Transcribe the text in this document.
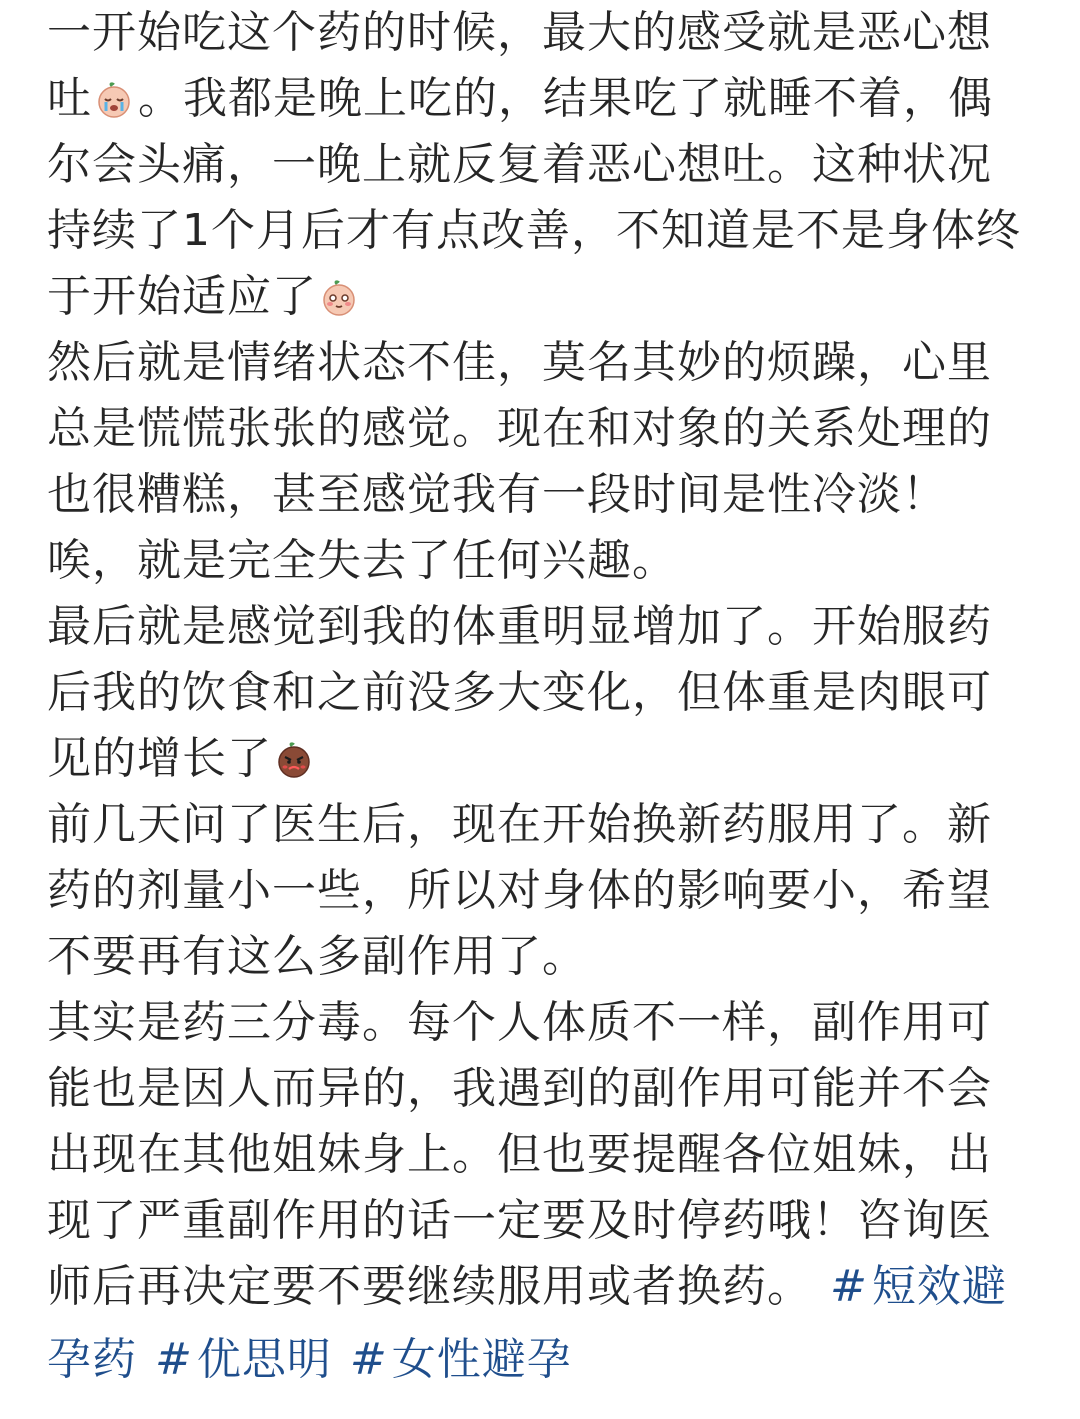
一开始吃这个药的时候，最大的感受就是恶心想
吐 。我都是晚上吃的，结果吃了就睡不着，偶
尔会头痛，一晚上就反复着恶心想吐。这种状况
持续了1个月后才有点改善，不知道是不是身体终
于开始适应了
然后就是情绪状态不佳，莫名其妙的烦躁，心里
总是慌慌张张的感觉。现在和对象的关系处理的
也很糟糕，甚至感觉我有一段时间是性冷淡！
唉，就是完全失去了任何兴趣。
最后就是感觉到我的体重明显增加了。开始服药
后我的饮食和之前没多大变化，但体重是肉眼可
见的增长了
前几天问了医生后，现在开始换新药服用了。新
药的剂量小一些，所以对身体的影响要小，希望
不要再有这么多副作用了。
其实是药三分毒。每个人体质不一样，副作用可
能也是因人而异的，我遇到的副作用可能并不会
出现在其他姐妹身上。但也要提醒各位姐妹，出
现了严重副作用的话一定要及时停药哦！咨询医
师后再决定要不要继续服用或者换药。 #短效避
孕药 #优思明 #女性避孕
